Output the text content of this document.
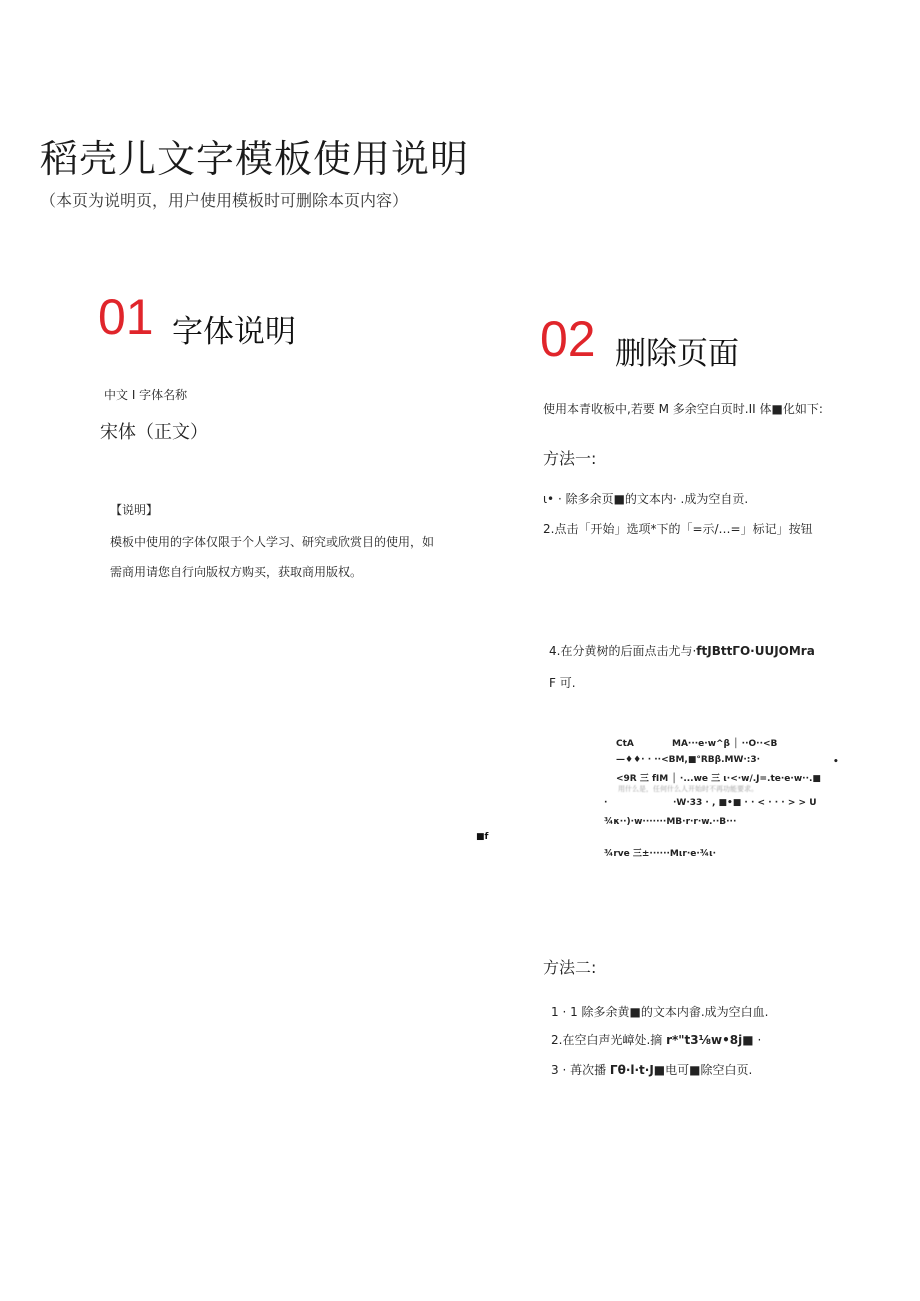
稻壳儿文字模板使用说明
（本页为说明页，用户使用模板时可删除本页内容）
01 字体说明
中文 I 字体名称
宋体（正文）
【说明】
模板中使用的字体仅限于个人学习、研究或欣赏目的使用，如
需商用请您自行向版权方购买，获取商用版权。
■f
02 删除页面
使用本青收板中,若要 M 多余空白页时.II 体■化如下:
方法一:
ι• · 除多余页■的文本内· .成为空自贡.
2.点击「开始」选项*下的「=示/…=」标记」按钮
4.在分黄树的后面点击尤与·ftJBttΓO·UUJOMra
F 可.
CtA	MA···e·w^β │ ··O··<B
—♦♦· · ··<BM,■°RBβ.MW·:3·	•
<9R 三 fIM │ ·...we 三 ι·<·w/.J=.te·e·w··.■
用什么是，任何什么人开始时不再功能要求。
·	·W·33 · , ■•■ · · < · · · > > U
¾κ··)·w·······MB·r·r·w.··B···
¾rve 三±······Mιr·e·¾ι·
方法二:
1 · 1 除多余黄■的文本内畲.成为空白血.
2.在空白声光嶂处.摘 r*"t3⅛w•8j■ ·
3 · 苒次播 Γθ·l·t·J■电可■除空白页.
